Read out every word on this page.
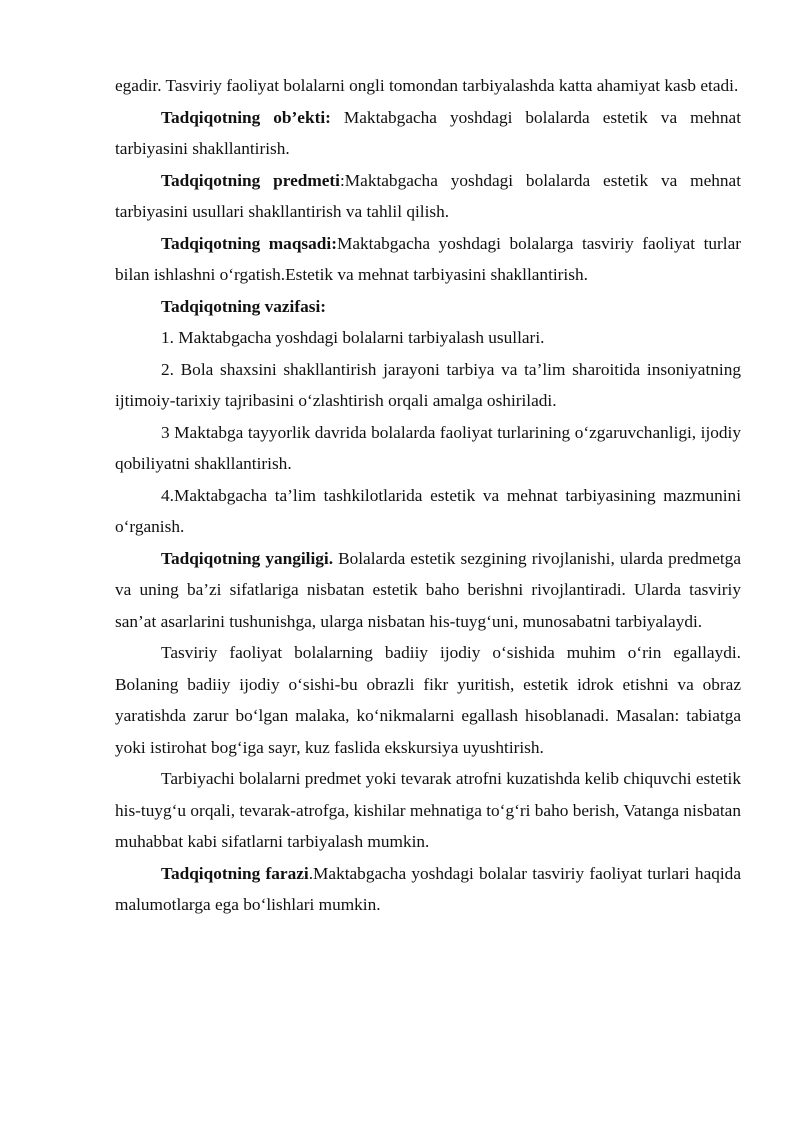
egadir. Tasviriy faoliyat bolalarni ongli tomondan tarbiyalashda katta ahamiyat kasb etadi.

Tadqiqotning ob’ekti: Maktabgacha yoshdagi bolalarda estetik va mehnat tarbiyasini shakllantirish.

Tadqiqotning predmeti:Maktabgacha yoshdagi bolalarda estetik va mehnat tarbiyasini usullari shakllantirish va tahlil qilish.

Tadqiqotning maqsadi:Maktabgacha yoshdagi bolalarga tasviriy faoliyat turlar bilan ishlashni o‘rgatish.Estetik va mehnat tarbiyasini shakllantirish.

Tadqiqotning vazifasi:

1. Maktabgacha yoshdagi bolalarni tarbiyalash usullari.

2. Bola shaxsini shakllantirish jarayoni tarbiya va ta’lim sharoitida insoniyatning ijtimoiy-tarixiy tajribasini o‘zlashtirish orqali amalga oshiriladi.

3 Maktabga tayyorlik davrida bolalarda faoliyat turlarining o‘zgaruvchanligi, ijodiy qobiliyatni shakllantirish.

4.Maktabgacha ta’lim tashkilotlarida estetik va mehnat tarbiyasining mazmunini o‘rganish.

Tadqiqotning yangiligi. Bolalarda estetik sezgining rivojlanishi, ularda predmetga va uning ba’zi sifatlariga nisbatan estetik baho berishni rivojlantiradi. Ularda tasviriy san’at asarlarini tushunishga, ularga nisbatan his-tuyg‘uni, munosabatni tarbiyalaydi.

Tasviriy faoliyat bolalarning badiiy ijodiy o‘sishida muhim o‘rin egallaydi. Bolaning badiiy ijodiy o‘sishi-bu obrazli fikr yuritish, estetik idrok etishni va obraz yaratishda zarur bo‘lgan malaka, ko‘nikmalarni egallash hisoblanadi. Masalan: tabiatga yoki istirohat bog‘iga sayr, kuz faslida ekskursiya uyushtirish.

Tarbiyachi bolalarni predmet yoki tevarak atrofni kuzatishda kelib chiquvchi estetik his-tuyg‘u orqali, tevarak-atrofga, kishilar mehnatiga to‘g‘ri baho berish, Vatanga nisbatan muhabbat kabi sifatlarni tarbiyalash mumkin.

Tadqiqotning farazi.Maktabgacha yoshdagi bolalar tasviriy faoliyat turlari haqida malumotlarga ega bo‘lishlari mumkin.
